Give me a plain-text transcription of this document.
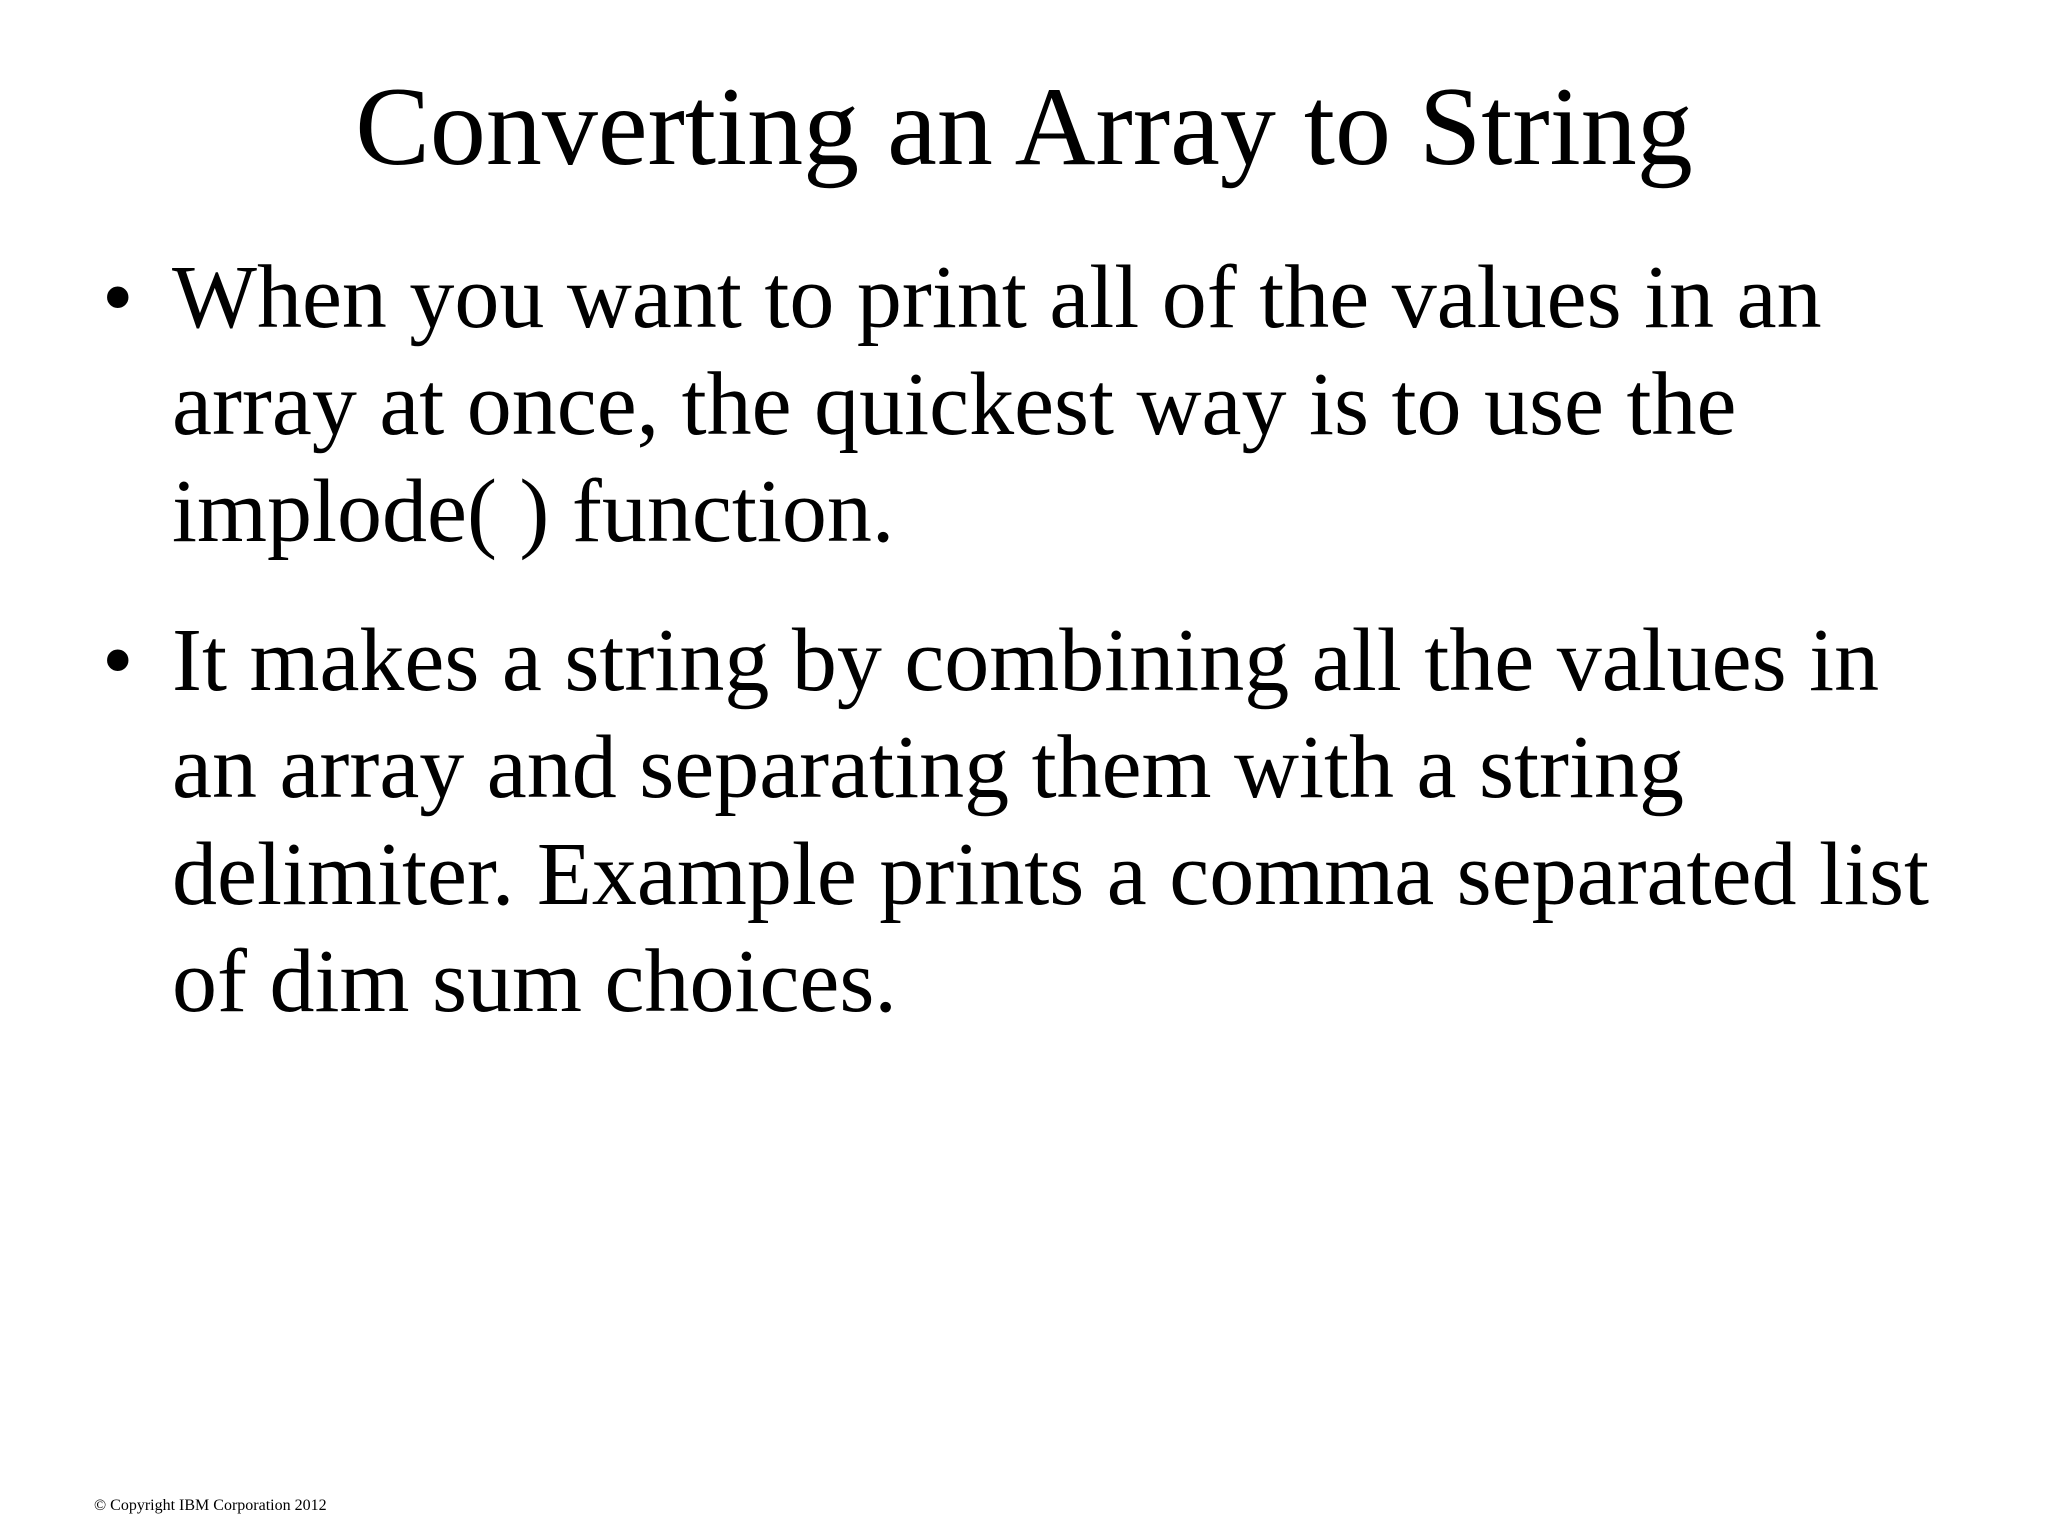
Converting an Array to String
• When you want to print all of the values in an array at once, the quickest way is to use the implode( ) function.
• It makes a string by combining all the values in an array and separating them with a string delimiter. Example prints a comma separated list of dim sum choices.
© Copyright IBM Corporation 2012
